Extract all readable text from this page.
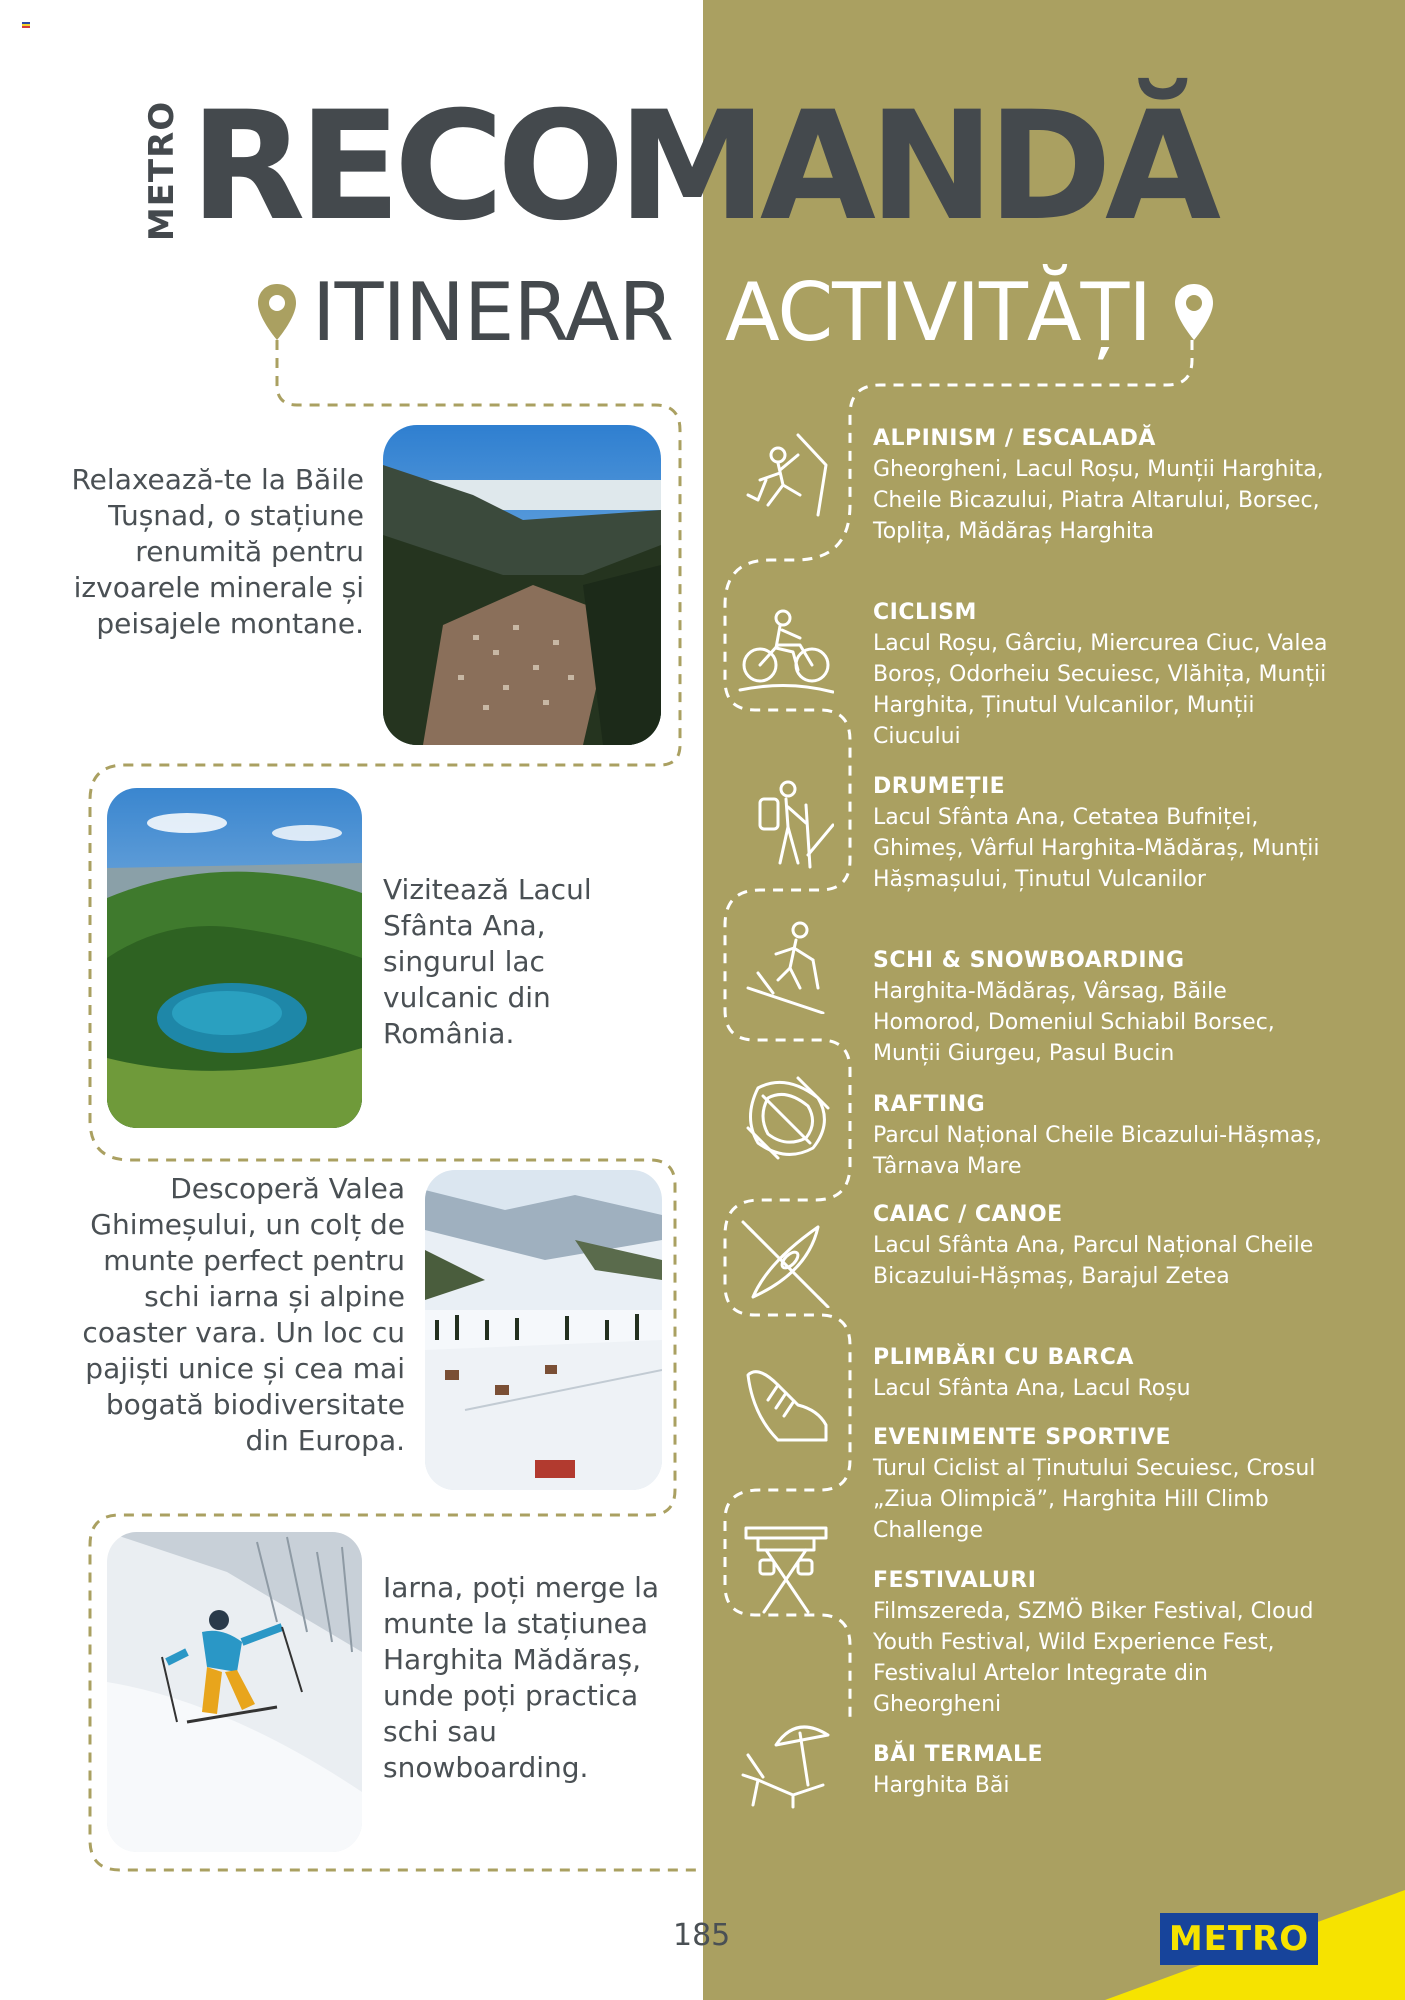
METRO RECOMANDĂ
ITINERAR ACTIVITĂȚI
Relaxează-te la Băile Tușnad, o stațiune renumită pentru izvoarele minerale și peisajele montane.
Vizitează Lacul Sfânta Ana, singurul lac vulcanic din România.
Descoperă Valea Ghimeșului, un colț de munte perfect pentru schi iarna și alpine coaster vara. Un loc cu pajiști unice și cea mai bogată biodiversitate din Europa.
Iarna, poți merge la munte la stațiunea Harghita Mădăraș, unde poți practica schi sau snowboarding.
ALPINISM / ESCALADĂ

Gheorgheni, Lacul Roșu, Munții Harghita, Cheile Bicazului, Piatra Altarului, Borsec, Toplița, Mădăraș Harghita

CICLISM

Lacul Roșu, Gârciu, Miercurea Ciuc, Valea Boroș, Odorheiu Secuiesc, Vlăhița, Munții Harghita, Ținutul Vulcanilor, Munții Ciucului

DRUMEȚIE

Lacul Sfânta Ana, Cetatea Bufniței, Ghimeș, Vârful Harghita-Mădăraș, Munții Hășmașului, Ținutul Vulcanilor

SCHI & SNOWBOARDING

Harghita-Mădăraș, Vârsag, Băile Homorod, Domeniul Schiabil Borsec, Munții Giurgeu, Pasul Bucin

RAFTING

Parcul Național Cheile Bicazului-Hășmaș, Târnava Mare

CAIAC / CANOE

Lacul Sfânta Ana, Parcul Național Cheile Bicazului-Hășmaș, Barajul Zetea

PLIMBĂRI CU BARCA

Lacul Sfânta Ana, Lacul Roșu

EVENIMENTE SPORTIVE

Turul Ciclist al Ținutului Secuiesc, Crosul „Ziua Olimpică”, Harghita Hill Climb Challenge

FESTIVALURI

Filmszereda, SZMÖ Biker Festival, Cloud Youth Festival, Wild Experience Fest, Festivalul Artelor Integrate din Gheorgheni

BĂI TERMALE

Harghita Băi

185	METRO
